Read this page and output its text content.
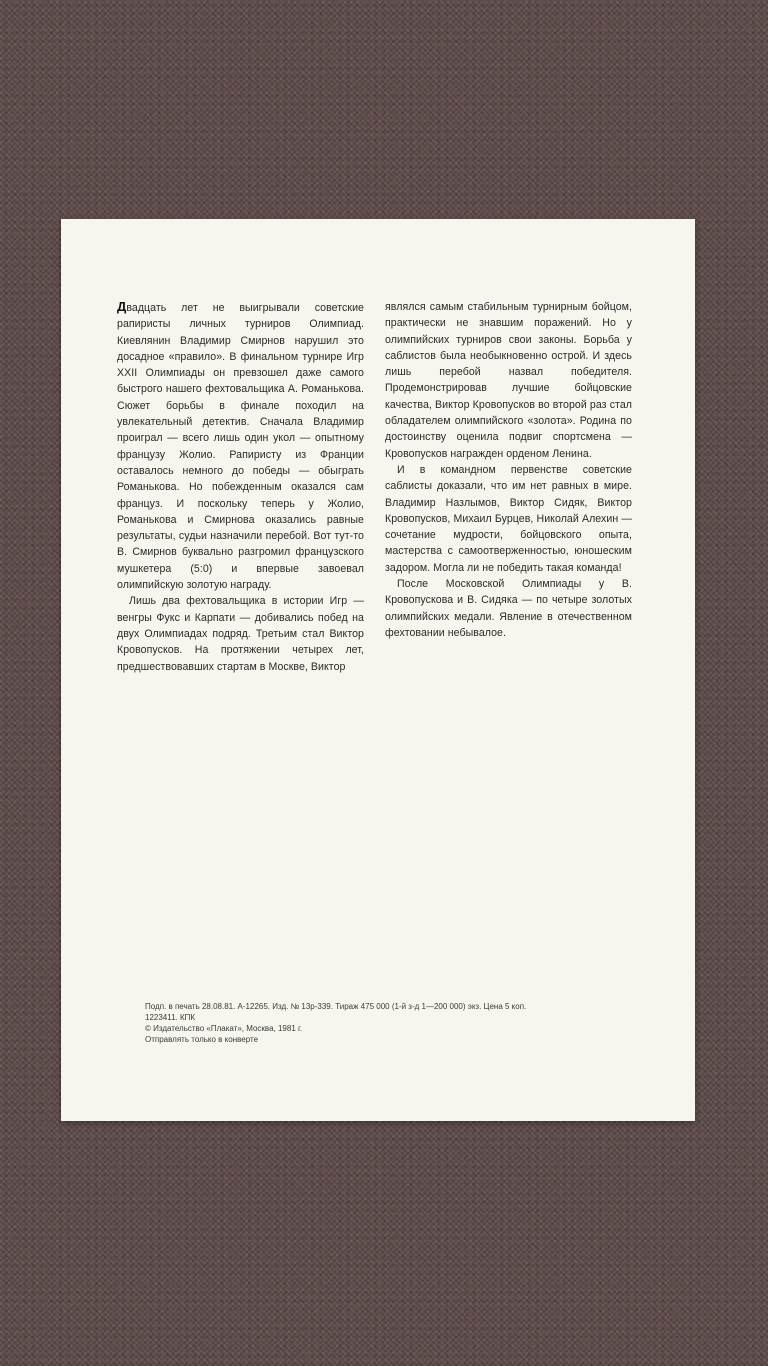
Двадцать лет не выигрывали советские рапиристы личных турниров Олимпиад. Киевлянин Владимир Смирнов нарушил это досадное «правило». В финальном турнире Игр XXII Олимпиады он превзошел даже самого быстрого нашего фехтовальщика А. Романькова. Сюжет борьбы в финале походил на увлекательный детектив. Сначала Владимир проиграл — всего лишь один укол — опытному французу Жолио. Рапиристу из Франции оставалось немного до победы — обыграть Романькова. Но побежденным оказался сам француз. И поскольку теперь у Жолио, Романькова и Смирнова оказались равные результаты, судьи назначили перебой. Вот тут-то В. Смирнов буквально разгромил французского мушкетера (5:0) и впервые завоевал олимпийскую золотую награду.

Лишь два фехтовальщика в истории Игр — венгры Фукс и Карпати — добивались побед на двух Олимпиадах подряд. Третьим стал Виктор Кровопусков. На протяжении четырех лет, предшествовавших стартам в Москве, Виктор

являлся самым стабильным турнирным бойцом, практически не знавшим поражений. Но у олимпийских турниров свои законы. Борьба у саблистов была необыкновенно острой. И здесь лишь перебой назвал победителя. Продемонстрировав лучшие бойцовские качества, Виктор Кровопусков во второй раз стал обладателем олимпийского «золота». Родина по достоинству оценила подвиг спортсмена — Кровопусков награжден орденом Ленина.

И в командном первенстве советские саблисты доказали, что им нет равных в мире. Владимир Назлымов, Виктор Сидяк, Виктор Кровопусков, Михаил Бурцев, Николай Алехин — сочетание мудрости, бойцовского опыта, мастерства с самоотверженностью, юношеским задором. Могла ли не победить такая команда!

После Московской Олимпиады у В. Кровопускова и В. Сидяка — по четыре золотых олимпийских медали. Явление в отечественном фехтовании небывалое.

Подп. в печать 28.08.81. А-12265. Изд. № 13р-339. Тираж 475 000 (1-й з-д 1—200 000) экз. Цена 5 коп.
1223411. КПК
© Издательство «Плакат», Москва, 1981 г.
Отправлять только в конверте
